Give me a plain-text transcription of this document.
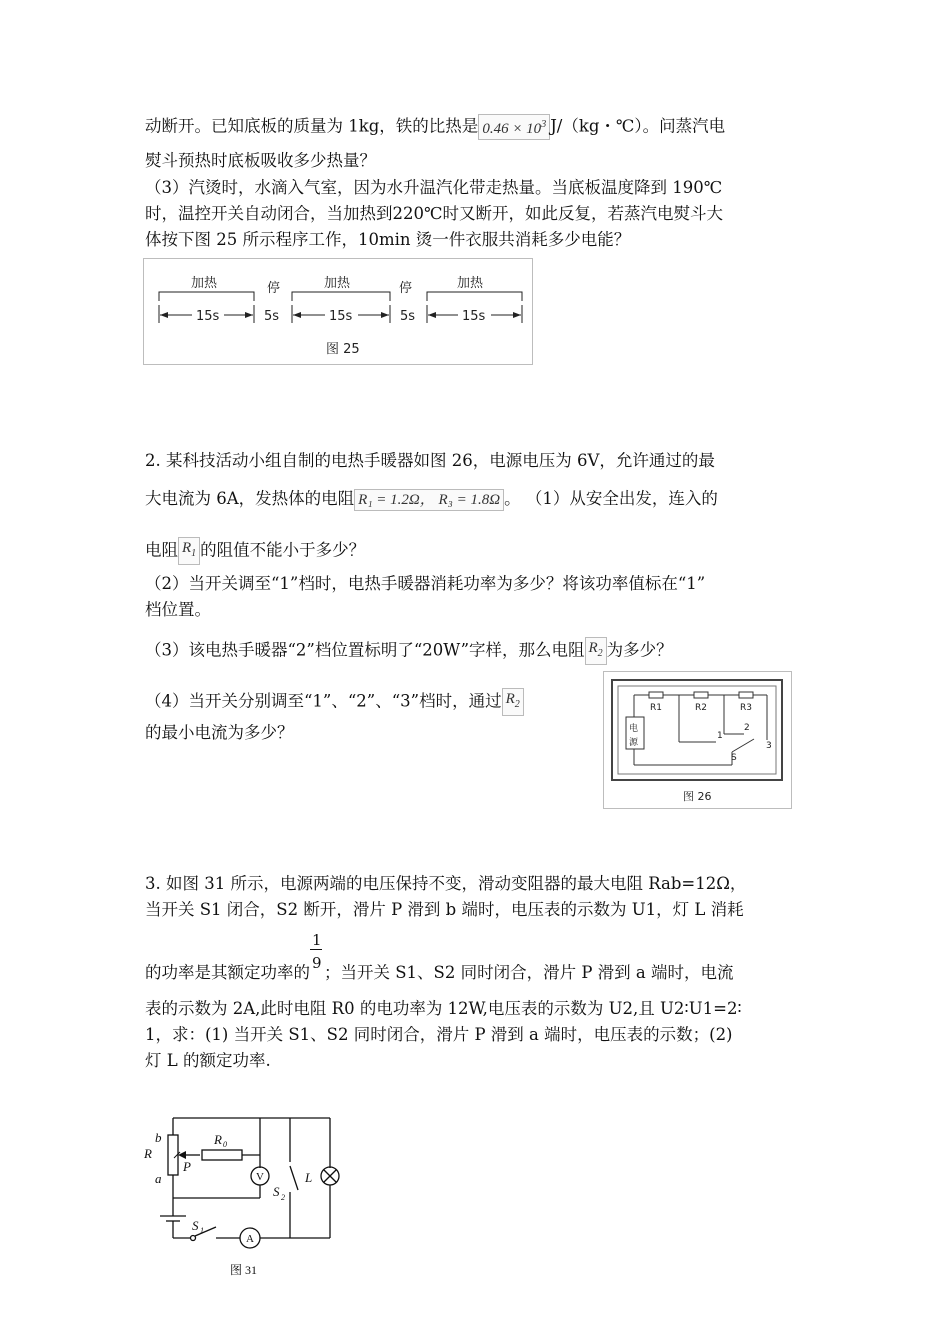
动断开。已知底板的质量为 1kg，铁的比热是 $0.46 \times 10^3$ J/（kg・℃）。问蒸汽电
熨斗预热时底板吸收多少热量？
（3）汽烫时，水滴入气室，因为水升温汽化带走热量。当底板温度降到 190℃
时，温控开关自动闭合，当加热到220℃时又断开，如此反复，若蒸汽电熨斗大
体按下图 25 所示程序工作，10min 烫一件衣服共消耗多少电能？
加热	停	加热	停	加热
15s	5s	15s	5s	15s
图 25
2. 某科技活动小组自制的电热手暖器如图 26，电源电压为 6V，允许通过的最
大电流为 6A，发热体的电阻 R₁ = 1.2Ω， R₃ = 1.8Ω 。 （1）从安全出发，连入的
电阻 $R_1$ 的阻值不能小于多少？
（2）当开关调至“1”档时，电热手暖器消耗功率为多少？将该功率值标在“1”
档位置。
（3）该电热手暖器“2”档位置标明了“20W”字样，那么电阻 $R_2$ 为多少？
（4）当开关分别调至“1”、“2”、“3”档时，通过 $R_2$
的最小电流为多少？
R1	R2	R3
电
源
1
2
3
S
图 26
3. 如图 31 所示，电源两端的电压保持不变，滑动变阻器的最大电阻 Rab=12Ω，
当开关 S1 闭合，S2 断开，滑片 P 滑到 b 端时，电压表的示数为 U1，灯 L 消耗
的功率是其额定功率的 $\frac{1}{9}$ ；当开关 S1、S2 同时闭合，滑片 P 滑到 a 端时，电流
表的示数为 2A,此时电阻 R0 的电功率为 12W,电压表的示数为 U2,且 U2∶U1=2∶
1，求：(1) 当开关 S1、S2 同时闭合，滑片 P 滑到 a 端时，电压表的示数；(2)
灯 L 的额定功率.
b
R
P
a
R 0
L
S 2
S 1
V
A
图 31
